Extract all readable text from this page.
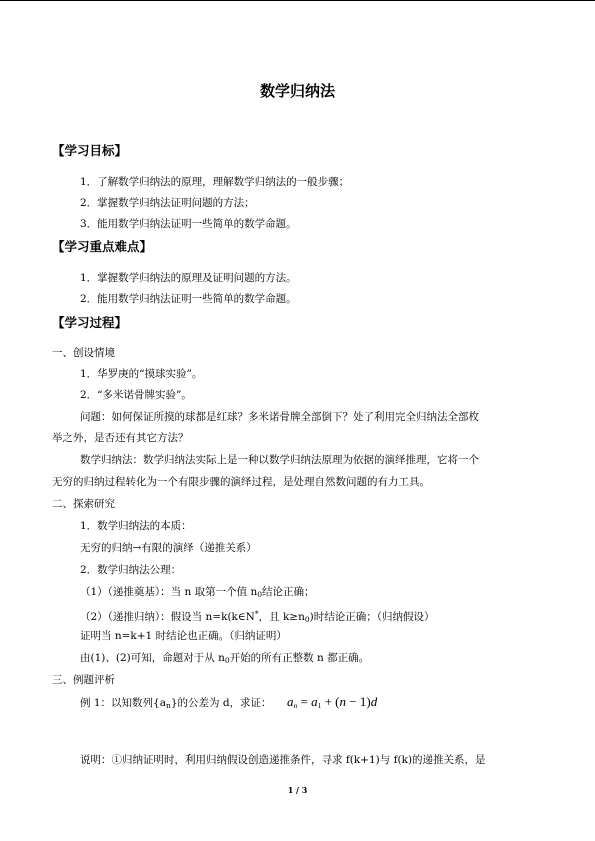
数学归纳法
【学习目标】
1．了解数学归纳法的原理，理解数学归纳法的一般步骤；
2．掌握数学归纳法证明问题的方法；
3．能用数学归纳法证明一些简单的数学命题。
【学习重点难点】
1．掌握数学归纳法的原理及证明问题的方法。
2．能用数学归纳法证明一些简单的数学命题。
【学习过程】
一、创设情境
1．华罗庚的“摸球实验”。
2．“多米诺骨牌实验”。
问题：如何保证所摸的球都是红球？多米诺骨牌全部倒下？处了利用完全归纳法全部枚
举之外，是否还有其它方法？
数学归纳法：数学归纳法实际上是一种以数学归纳法原理为依据的演绎推理，它将一个
无穷的归纳过程转化为一个有限步骤的演绎过程，是处理自然数问题的有力工具。
二、探索研究
1．数学归纳法的本质：
无穷的归纳→有限的演绎（递推关系）
2．数学归纳法公理：
（1）（递推奠基）：当 n 取第一个值 $n_0$结论正确；
（2）（递推归纳）：假设当 n=k(k∈N*，且 $k\ge n_0$)时结论正确；（归纳假设）
证明当 n=k+1 时结论也正确。（归纳证明）
由(1)、(2)可知，命题对于从 $n_0$开始的所有正整数 n 都正确。
三、例题评析
例 1：以知数列$\{a_n\}$的公差为 d，求证： $a_n = a_1 + (n - 1)d$
说明：①归纳证明时，利用归纳假设创造递推条件，寻求 f(k+1)与 f(k)的递推关系，是
1 / 3
